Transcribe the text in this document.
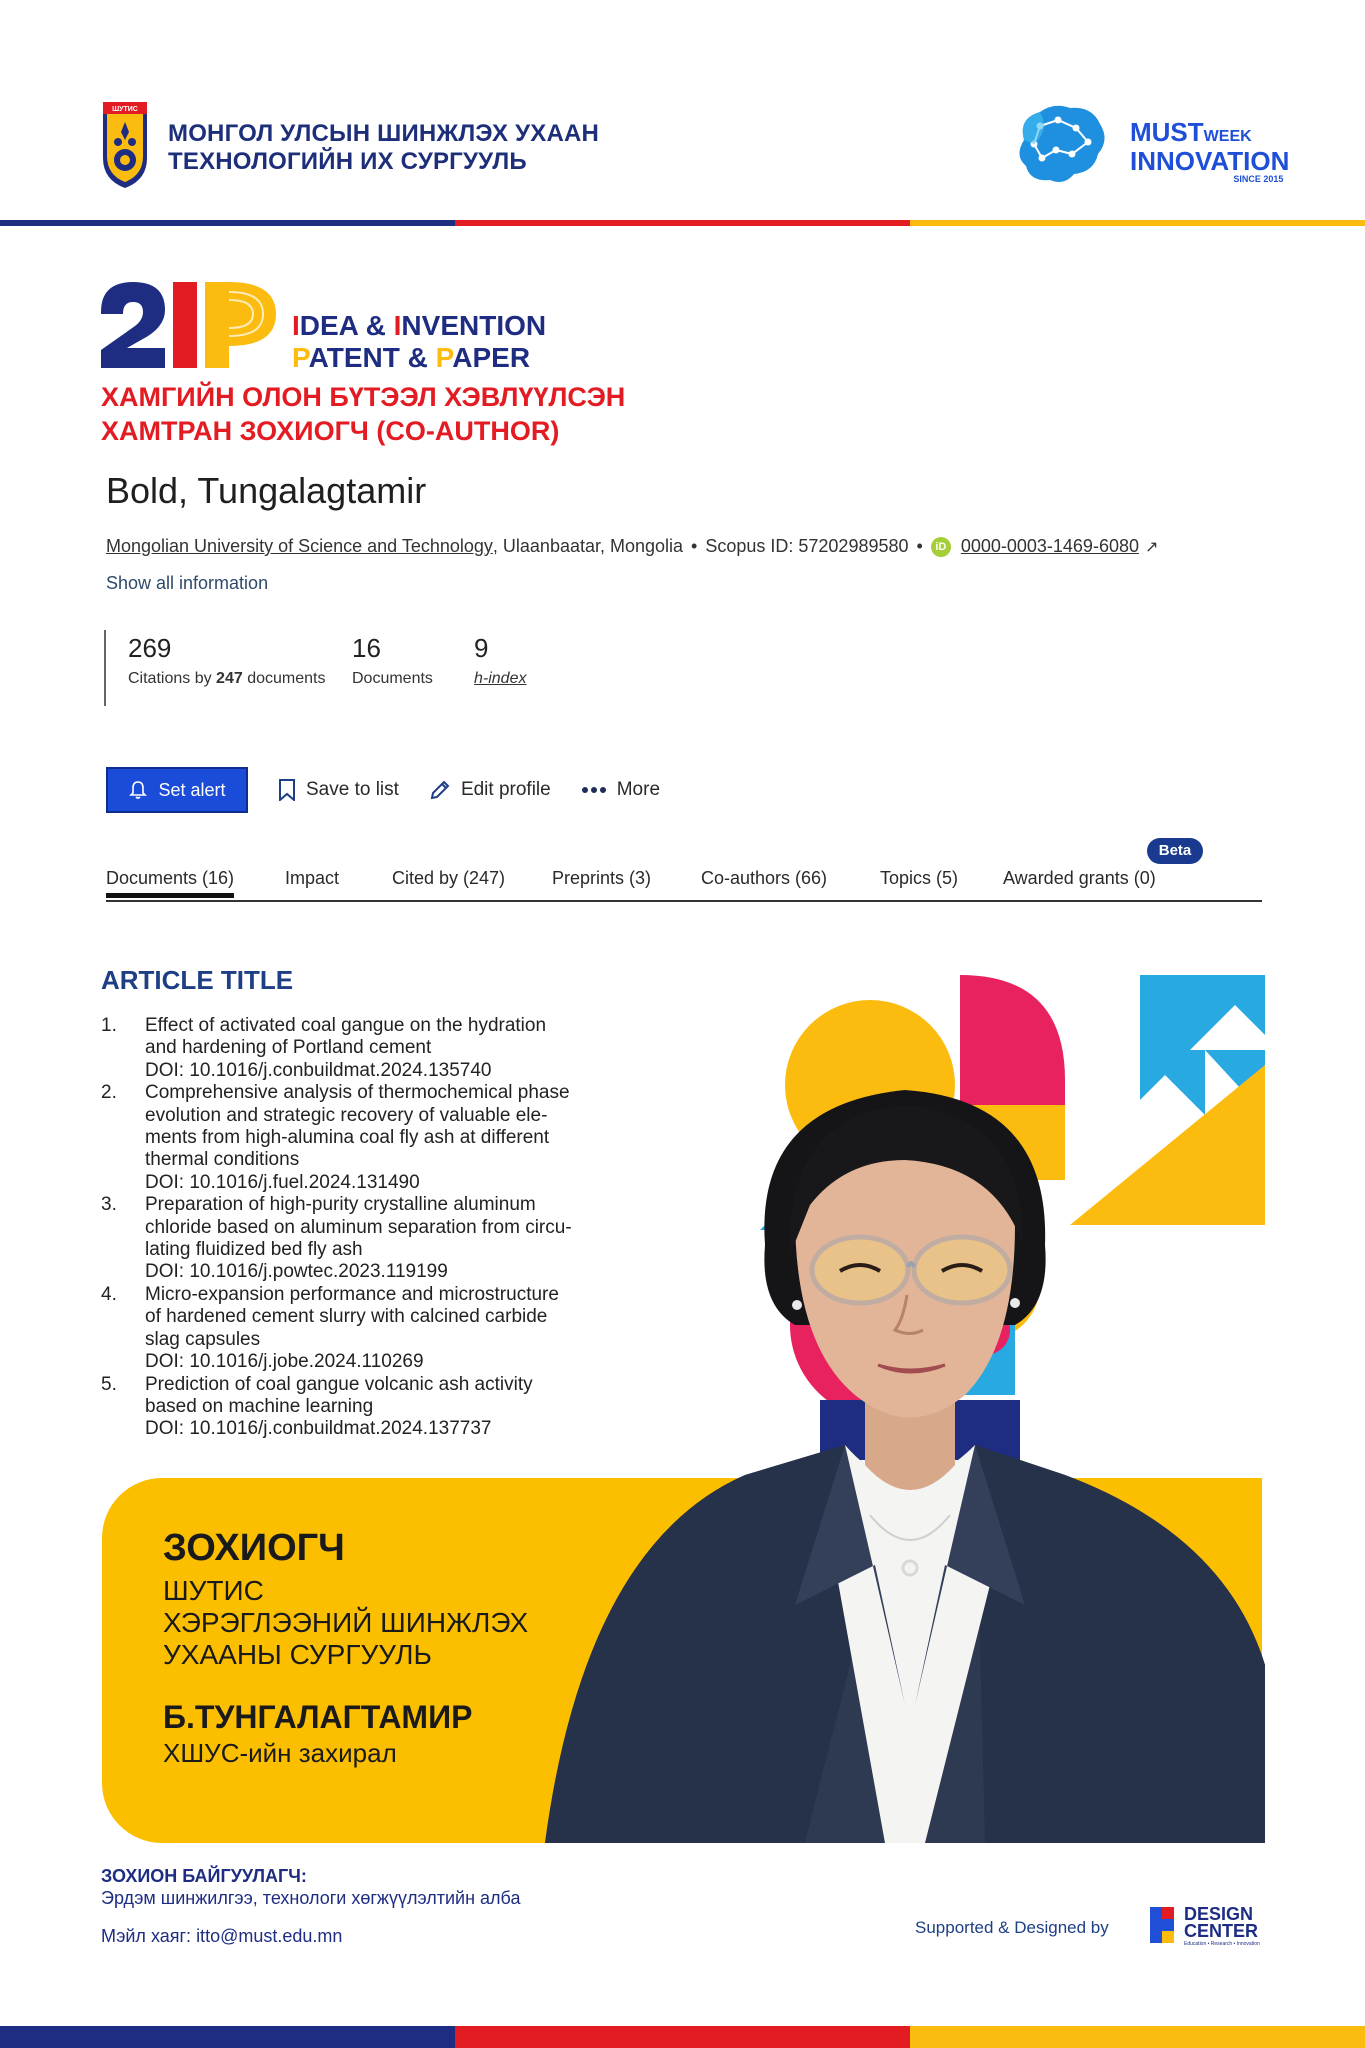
ШУТИС
МОНГОЛ УЛСЫН ШИНЖЛЭХ УХААН
ТЕХНОЛОГИЙН ИХ СУРГУУЛЬ
MUSTWEEK
INNOVATION
SINCE 2015
IDEA & INVENTION
PATENT & PAPER
ХАМГИЙН ОЛОН БҮТЭЭЛ ХЭВЛҮҮЛСЭН
ХАМТРАН ЗОХИОГЧ (CO-AUTHOR)
Bold, Tungalagtamir
Mongolian University of Science and Technology , Ulaanbaatar, Mongolia • Scopus ID: 57202989580 •	iD 0000-0003-1469-6080 ↗
Show all information
269
Citations by 247 documents
16
Documents
9
h-index
Set alert	Save to list	Edit profile	More
Beta
Documents (16)	Impact	Cited by (247)	Preprints (3)	Co-authors (66)	Topics (5) Awarded grants (0)
ARTICLE TITLE
1.	Effect of activated coal gangue on the hydration
and hardening of Portland cement
DOI: 10.1016/j.conbuildmat.2024.135740
2.	Comprehensive analysis of thermochemical phase
evolution and strategic recovery of valuable ele-
ments from high-alumina coal fly ash at different
thermal conditions
DOI: 10.1016/j.fuel.2024.131490
3.	Preparation of high-purity crystalline aluminum
chloride based on aluminum separation from circu-
lating fluidized bed fly ash
DOI: 10.1016/j.powtec.2023.119199
4.	Micro-expansion performance and microstructure
of hardened cement slurry with calcined carbide
slag capsules
DOI: 10.1016/j.jobe.2024.110269
5.	Prediction of coal gangue volcanic ash activity
based on machine learning
DOI: 10.1016/j.conbuildmat.2024.137737
ЗОХИОГЧ
ШУТИС
ХЭРЭГЛЭЭНИЙ ШИНЖЛЭХ
УХААНЫ СУРГУУЛЬ
Б.ТУНГАЛАГТАМИР
ХШУС-ийн захирал
ЗОХИОН БАЙГУУЛАГЧ:
Эрдэм шинжилгээ, технологи хөгжүүлэлтийн алба
Мэйл хаяг: itto@must.edu.mn	Supported & Designed by
DESIGN
CENTER
Education • Research • Innovation
